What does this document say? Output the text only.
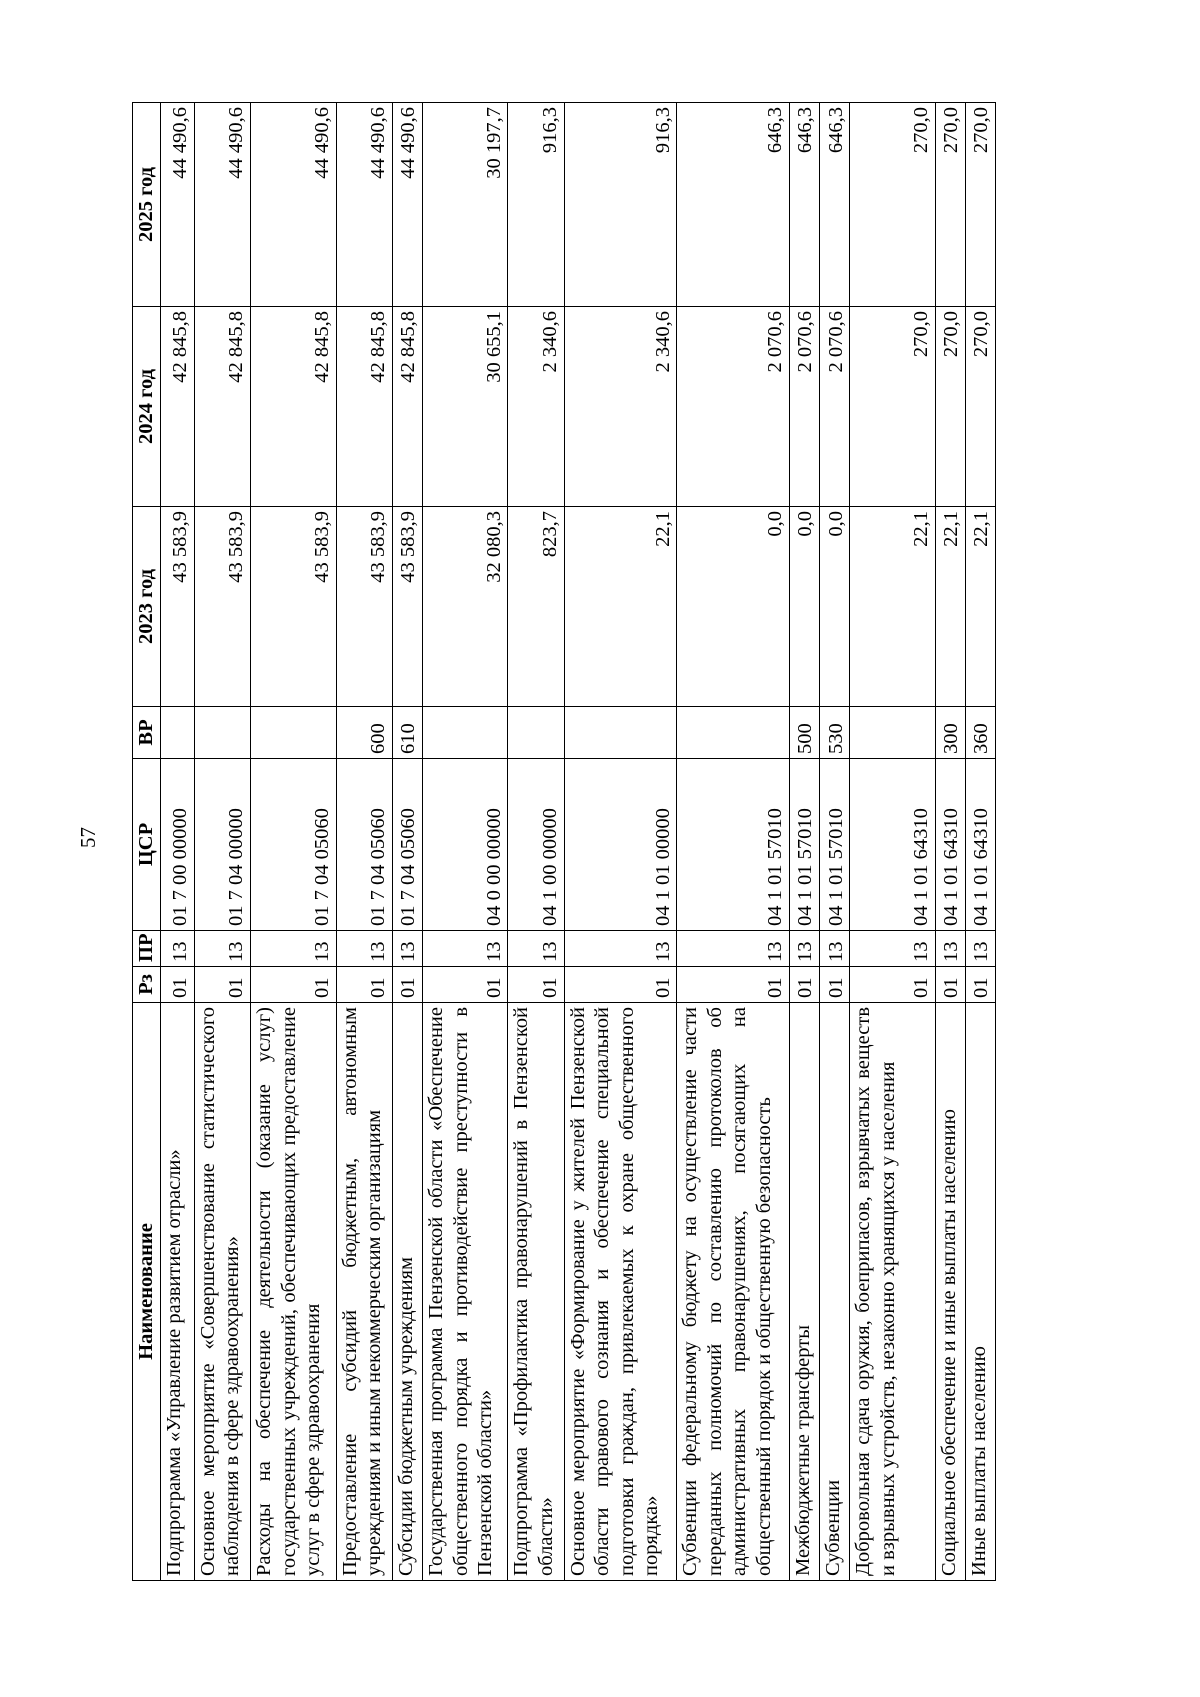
57
Наименование	Рз	ПР	ЦСР	ВР	2023 год	2024 год	2025 год
Подпрограмма «Управление развитием отрасли»	01	13	01 7 00 00000		43 583,9	42 845,8	44 490,6
Основное мероприятие «Совершенствование статистического наблюдения в сфере здравоохранения»	01	13	01 7 04 00000		43 583,9	42 845,8	44 490,6
Расходы на обеспечение деятельности (оказание услуг) государственных учреждений, обеспечивающих предоставление услуг в сфере здравоохранения	01	13	01 7 04 05060		43 583,9	42 845,8	44 490,6
Предоставление субсидий бюджетным, автономным учреждениям и иным некоммерческим организациям	01	13	01 7 04 05060	600	43 583,9	42 845,8	44 490,6
Субсидии бюджетным учреждениям	01	13	01 7 04 05060	610	43 583,9	42 845,8	44 490,6
Государственная программа Пензенской области «Обеспечение общественного порядка и противодействие преступности в Пензенской области»	01	13	04 0 00 00000		32 080,3	30 655,1	30 197,7
Подпрограмма «Профилактика правонарушений в Пензенской области»	01	13	04 1 00 00000		823,7	2 340,6	916,3
Основное мероприятие «Формирование у жителей Пензенской области правового сознания и обеспечение специальной подготовки граждан, привлекаемых к охране общественного порядка»	01	13	04 1 01 00000		22,1	2 340,6	916,3
Субвенции федеральному бюджету на осуществление части переданных полномочий по составлению протоколов об административных правонарушениях, посягающих на общественный порядок и общественную безопасность	01	13	04 1 01 57010		0,0	2 070,6	646,3
Межбюджетные трансферты	01	13	04 1 01 57010	500	0,0	2 070,6	646,3
Субвенции	01	13	04 1 01 57010	530	0,0	2 070,6	646,3
Добровольная сдача оружия, боеприпасов, взрывчатых веществ и взрывных устройств, незаконно хранящихся у населения	01	13	04 1 01 64310		22,1	270,0	270,0
Социальное обеспечение и иные выплаты населению	01	13	04 1 01 64310	300	22,1	270,0	270,0
Иные выплаты населению	01	13	04 1 01 64310	360	22,1	270,0	270,0
